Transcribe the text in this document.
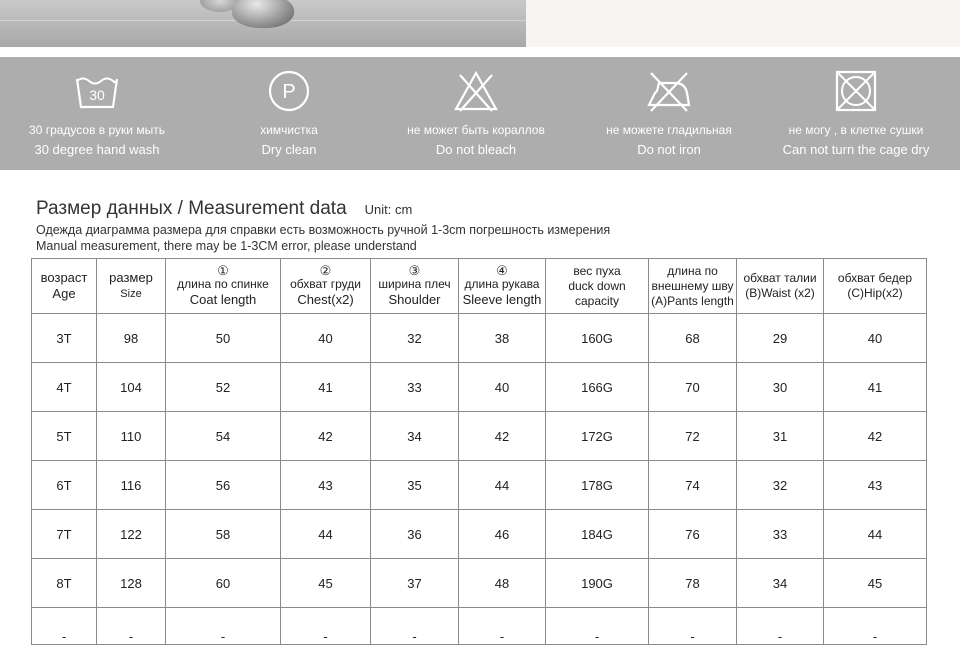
30
30 градусов в руки мыть
30 degree hand wash
P
химчистка
Dry clean
не может быть кораллов
Do not bleach
не можете гладильная
Do not iron
не могу , в клетке сушки
Can not turn the cage dry
Размер данных / Measurement data Unit: cm
Одежда диаграмма размера для справки есть возможность ручной 1-3cm погрешность измерения
Manual measurement, there may be 1-3CM error, please understand
возраст
Age	размер
Size	①
длина по спинке
Coat length	②
обхват груди
Chest(x2)	③
ширина плеч
Shoulder	④
длина рукава
Sleeve length	вес пуха
duck down
capacity	длина по
внешнему шву
(A)Pants length	обхват талии
(B)Waist (x2)	обхват бедер
(C)Hip(x2)
3T	98	50	40	32	38	160G	68	29	40
4T	104	52	41	33	40	166G	70	30	41
5T	110	54	42	34	42	172G	72	31	42
6T	116	56	43	35	44	178G	74	32	43
7T	122	58	44	36	46	184G	76	33	44
8T	128	60	45	37	48	190G	78	34	45
-	-	-	-	-	-	-	-	-	-
